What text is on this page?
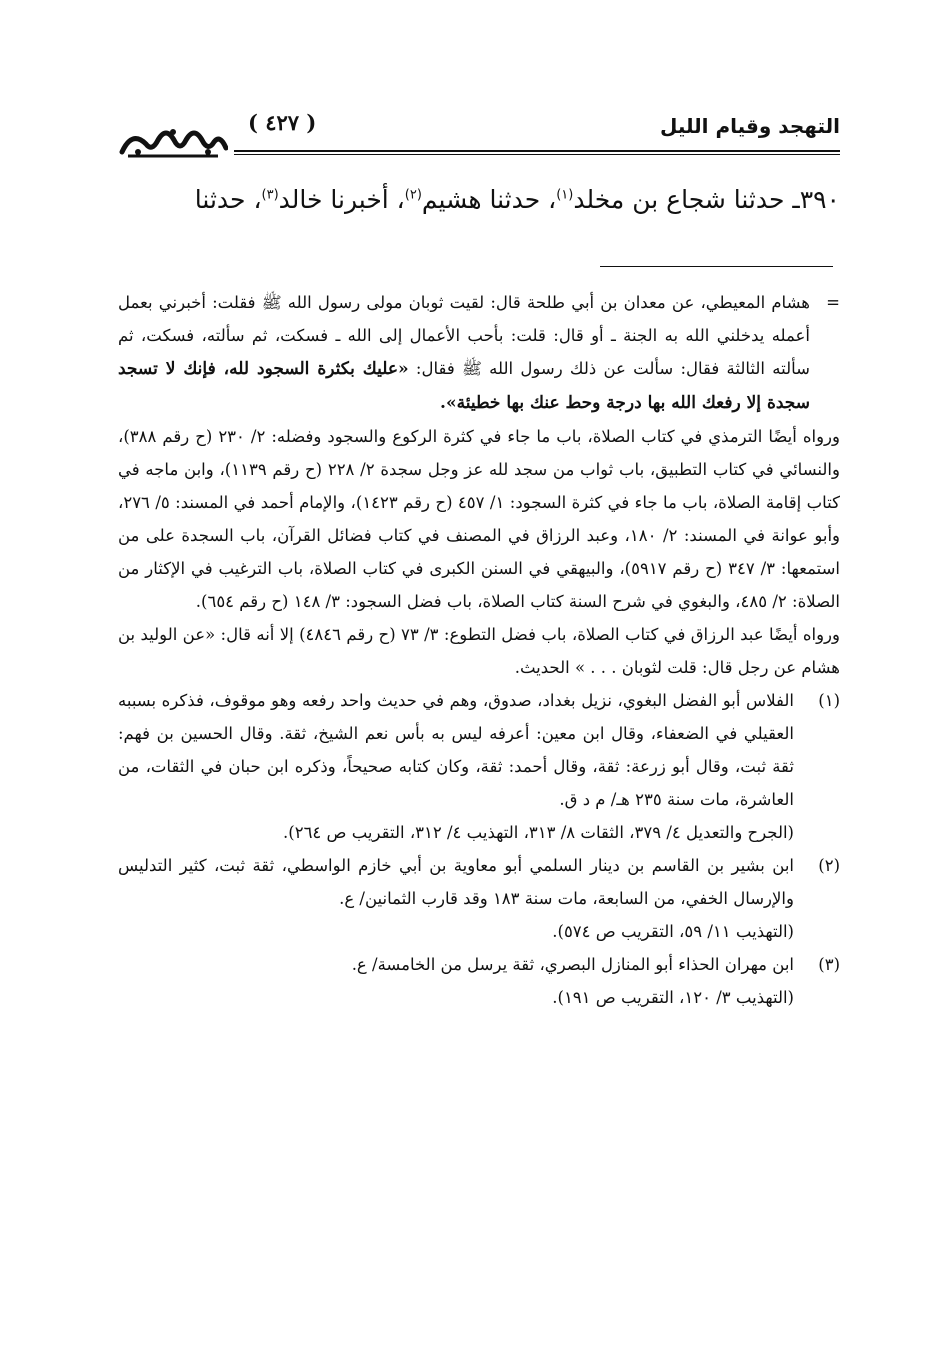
التهجد وقيام الليل
( ٤٢٧ )
٣٩٠ـ حدثنا شجاع بن مخلد$^{(١)}$، حدثنا هشيم$^{(٢)}$، أخبرنا خالد$^{(٣)}$، حدثنا

=
هشام المعيطي، عن معدان بن أبي طلحة قال: لقيت ثوبان مولى رسول الله ﷺ فقلت: أخبرني بعمل أعمله يدخلني الله به الجنة ـ أو قال: قلت: بأحب الأعمال إلى الله ـ فسكت، ثم سألته، فسكت، ثم سألته الثالثة فقال: سألت عن ذلك رسول الله ﷺ فقال: «عليك بكثرة السجود لله، فإنك لا تسجد سجدة إلا رفعك الله بها درجة وحط عنك بها خطيئة».

ورواه أيضًا الترمذي في كتاب الصلاة، باب ما جاء في كثرة الركوع والسجود وفضله: ٢/ ٢٣٠ (ح رقم ٣٨٨)، والنسائي في كتاب التطبيق، باب ثواب من سجد لله عز وجل سجدة ٢/ ٢٢٨ (ح رقم ١١٣٩)، وابن ماجه في كتاب إقامة الصلاة، باب ما جاء في كثرة السجود: ١/ ٤٥٧ (ح رقم ١٤٢٣)، والإمام أحمد في المسند: ٥/ ٢٧٦، وأبو عوانة في المسند: ٢/ ١٨٠، وعبد الرزاق في المصنف في كتاب فضائل القرآن، باب السجدة على من استمعها: ٣/ ٣٤٧ (ح رقم ٥٩١٧)، والبيهقي في السنن الكبرى في كتاب الصلاة، باب الترغيب في الإكثار من الصلاة: ٢/ ٤٨٥، والبغوي في شرح السنة كتاب الصلاة، باب فضل السجود: ٣/ ١٤٨ (ح رقم ٦٥٤).

ورواه أيضًا عبد الرزاق في كتاب الصلاة، باب فضل التطوع: ٣/ ٧٣ (ح رقم ٤٨٤٦) إلا أنه قال: «عن الوليد بن هشام عن رجل قال: قلت لثوبان . . . » الحديث.

(١)

الفلاس أبو الفضل البغوي، نزيل بغداد، صدوق، وهم في حديث واحد رفعه وهو موقوف، فذكره بسببه العقيلي في الضعفاء، وقال ابن معين: أعرفه ليس به بأس نعم الشيخ، ثقة. وقال الحسين بن فهم: ثقة ثبت، وقال أبو زرعة: ثقة، وقال أحمد: ثقة، وكان كتابه صحيحاً، وذكره ابن حبان في الثقات، من العاشرة، مات سنة ٢٣٥ هـ/ م د ق.

(الجرح والتعديل ٤/ ٣٧٩، الثقات ٨/ ٣١٣، التهذيب ٤/ ٣١٢، التقريب ص ٢٦٤).

(٢)

ابن بشير بن القاسم بن دينار السلمي أبو معاوية بن أبي خازم الواسطي، ثقة ثبت، كثير التدليس والإرسال الخفي، من السابعة، مات سنة ١٨٣ وقد قارب الثمانين/ ع.

(التهذيب ١١/ ٥٩، التقريب ص ٥٧٤).

(٣)

ابن مهران الحذاء أبو المنازل البصري، ثقة يرسل من الخامسة/ ع.

(التهذيب ٣/ ١٢٠، التقريب ص ١٩١).
